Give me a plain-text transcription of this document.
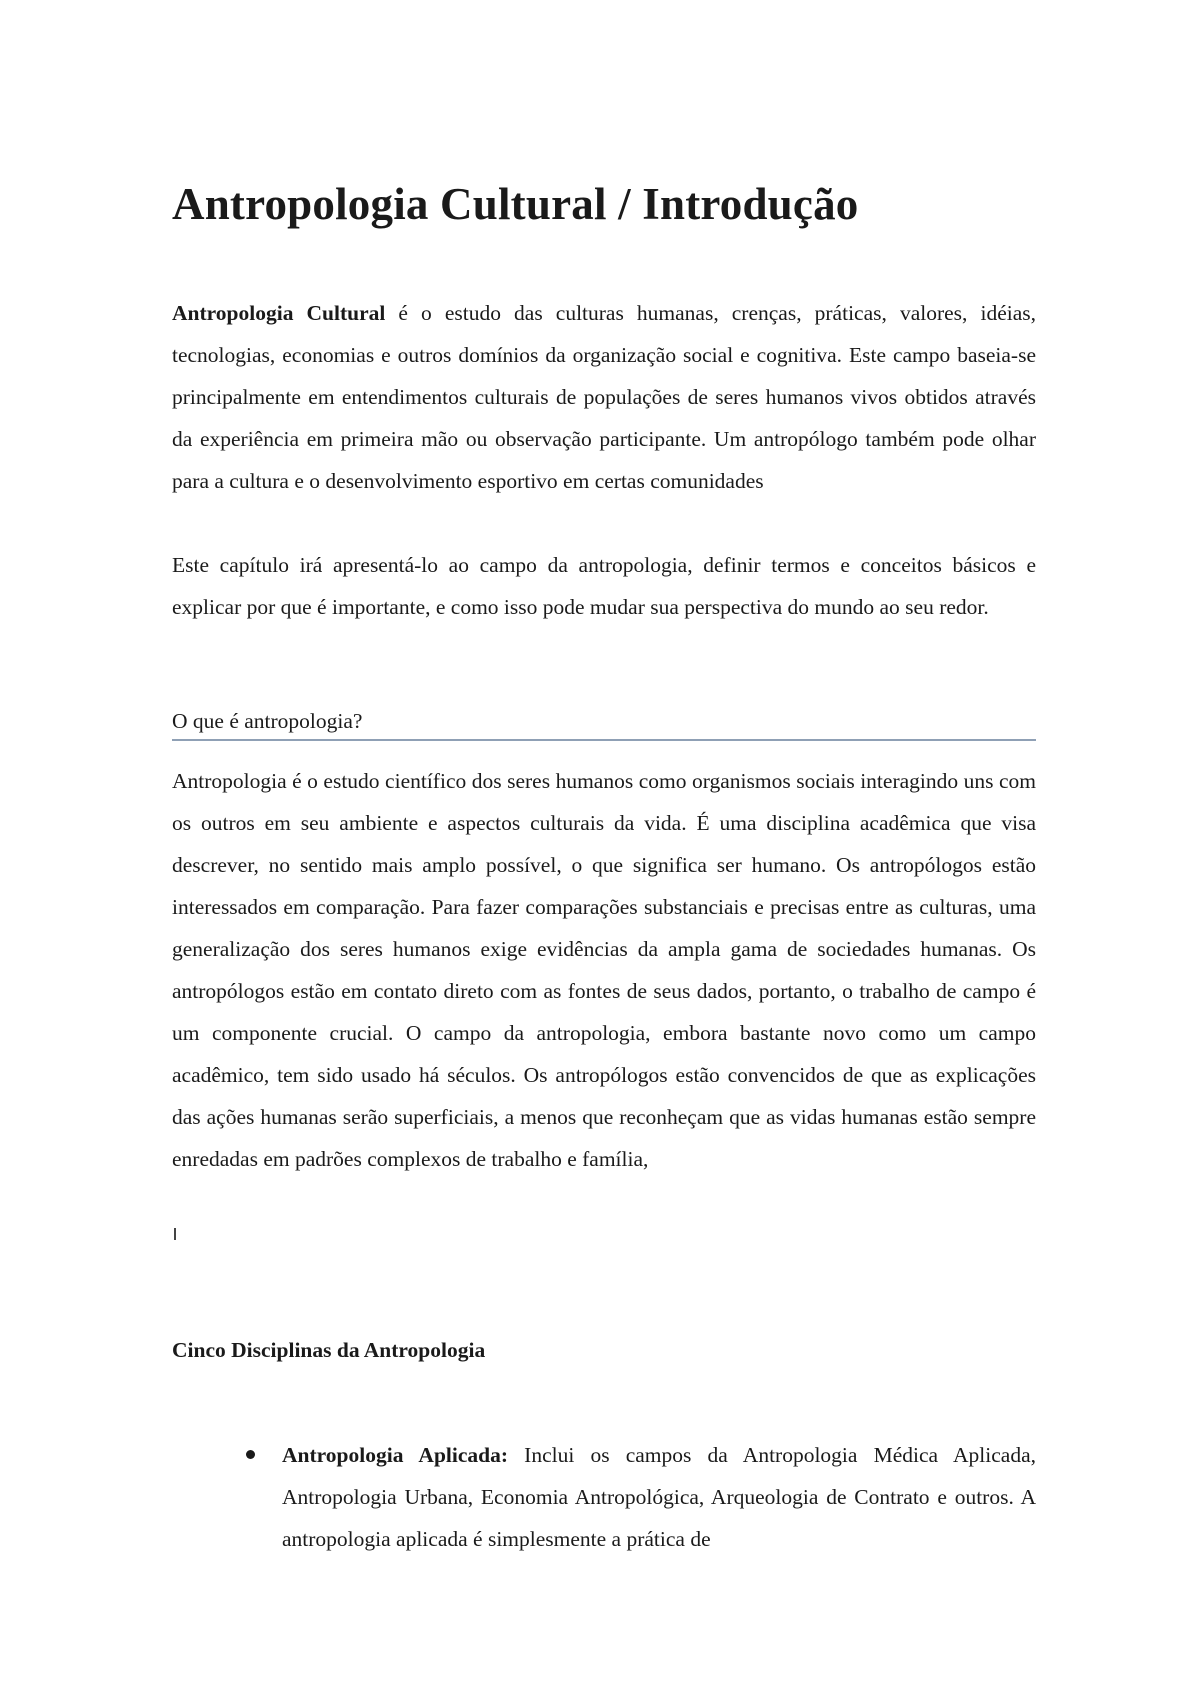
Antropologia Cultural / Introdução

Antropologia Cultural é o estudo das culturas humanas, crenças, práticas, valores, idéias, tecnologias, economias e outros domínios da organização social e cognitiva. Este campo baseia-se principalmente em entendimentos culturais de populações de seres humanos vivos obtidos através da experiência em primeira mão ou observação participante. Um antropólogo também pode olhar para a cultura e o desenvolvimento esportivo em certas comunidades

Este capítulo irá apresentá-lo ao campo da antropologia, definir termos e conceitos básicos e explicar por que é importante, e como isso pode mudar sua perspectiva do mundo ao seu redor.

O que é antropologia?

Antropologia é o estudo científico dos seres humanos como organismos sociais interagindo uns com os outros em seu ambiente e aspectos culturais da vida. É uma disciplina acadêmica que visa descrever, no sentido mais amplo possível, o que significa ser humano. Os antropólogos estão interessados em comparação. Para fazer comparações substanciais e precisas entre as culturas, uma generalização dos seres humanos exige evidências da ampla gama de sociedades humanas. Os antropólogos estão em contato direto com as fontes de seus dados, portanto, o trabalho de campo é um componente crucial. O campo da antropologia, embora bastante novo como um campo acadêmico, tem sido usado há séculos. Os antropólogos estão convencidos de que as explicações das ações humanas serão superficiais, a menos que reconheçam que as vidas humanas estão sempre enredadas em padrões complexos de trabalho e família,

Cinco Disciplinas da Antropologia
Antropologia Aplicada: Inclui os campos da Antropologia Médica Aplicada, Antropologia Urbana, Economia Antropológica, Arqueologia de Contrato e outros. A antropologia aplicada é simplesmente a prática de
